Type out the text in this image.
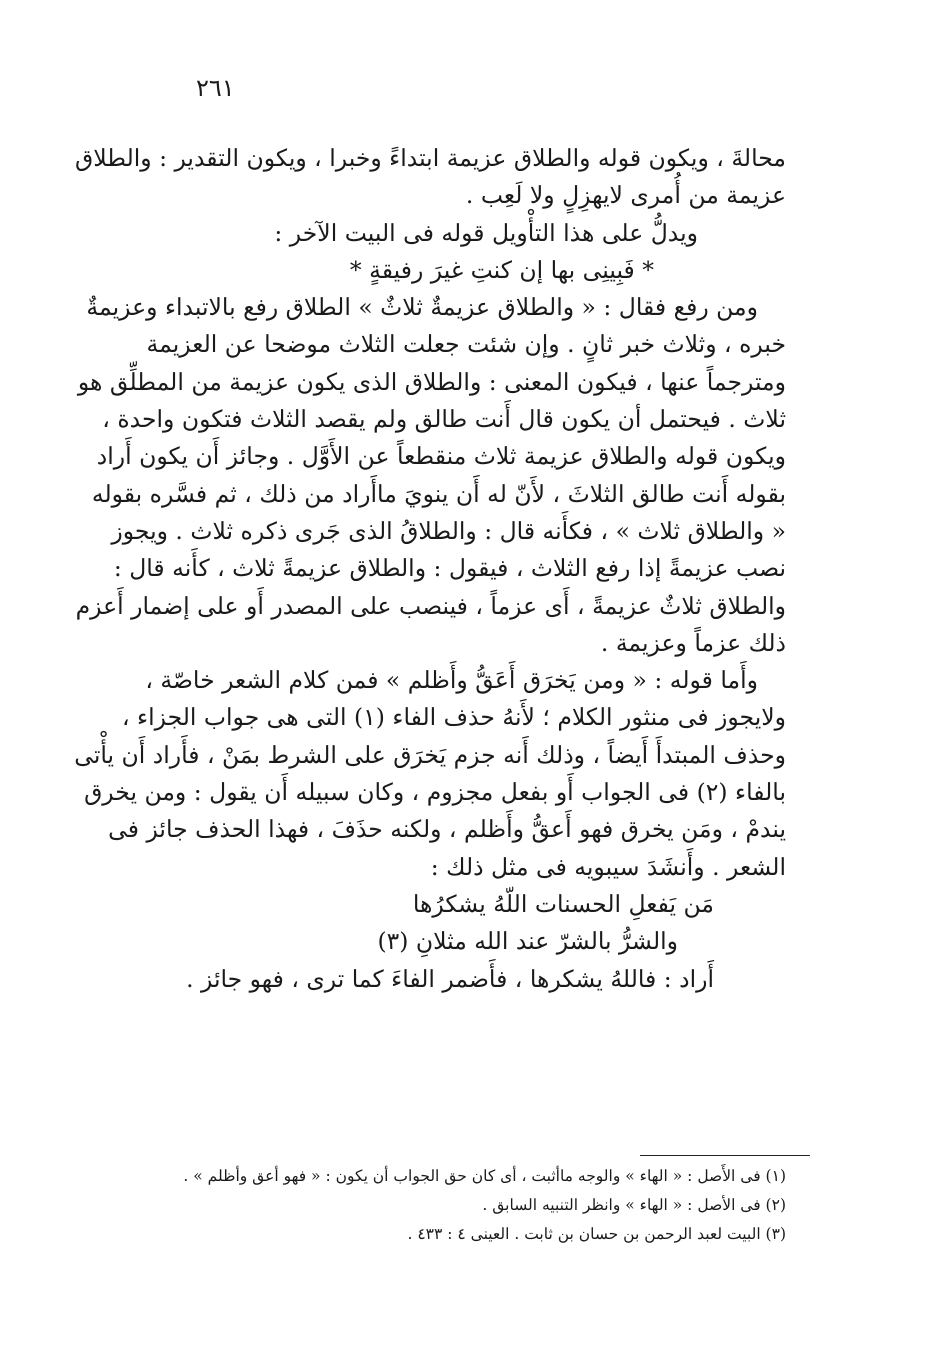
٢٦١
محالةَ ، ويكون قوله والطلاق عزيمة ابتداءً وخبرا ، ويكون التقدير : والطلاق
عزيمة من أُمرى لايهزِلٍ ولا لَعِب .
ويدلُّ على هذا التأْويل قوله فى البيت الآخر :
* فَبِينِى بها إن كنتِ غيرَ رفيقةٍ *
ومن رفع فقال : « والطلاق عزيمةٌ ثلاثٌ » الطلاق رفع بالاتبداء وعزيمةٌ
خبره ، وثلاث خبر ثانٍ . وإن شئت جعلت الثلاث موضحا عن العزيمة
ومترجماً عنها ، فيكون المعنى : والطلاق الذى يكون عزيمة من المطلِّق هو
ثلاث . فيحتمل أن يكون قال أَنت طالق ولم يقصد الثلاث فتكون واحدة ،
ويكون قوله والطلاق عزيمة ثلاث منقطعاً عن الأَوَّل . وجائز أَن يكون أَراد
بقوله أَنت طالق الثلاثَ ، لأَنّ له أَن ينويَ ماأَراد من ذلك ، ثم فسَّره بقوله
« والطلاق ثلاث » ، فكأَنه قال : والطلاقُ الذى جَرى ذكره ثلاث . ويجوز
نصب عزيمةً إذا رفع الثلاث ، فيقول : والطلاق عزيمةً ثلاث ، كأَنه قال :
والطلاق ثلاثٌ عزيمةً ، أَى عزماً ، فينصب على المصدر أَو على إضمار أَعزم
ذلك عزماً وعزيمة .
وأَما قوله : « ومن يَخرَق أَعَقُّ وأَظلم » فمن كلام الشعر خاصّة ،
ولايجوز فى منثور الكلام ؛ لأَنهُ حذف الفاء (١) التى هى جواب الجزاء ،
وحذف المبتدأَ أَيضاً ، وذلك أَنه جزم يَخرَق على الشرط بمَنْ ، فأَراد أَن يأْتى
بالفاء (٢) فى الجواب أَو بفعل مجزوم ، وكان سبيله أَن يقول : ومن يخرق
يندمْ ، ومَن يخرق فهو أَعقُّ وأَظلم ، ولكنه حذَفَ ، فهذا الحذف جائز فى
الشعر . وأَنشَدَ سيبويه فى مثل ذلك :
مَن يَفعلِ الحسنات اللّهُ يشكرُها
والشرُّ بالشرّ عند الله مثلانِ (٣)
أَراد : فاللهُ يشكرها ، فأَضمر الفاءَ كما ترى ، فهو جائز .
(١) فى الأَصل : « الهاء » والوجه ماأثبت ، أى كان حق الجواب أن يكون : « فهو أعق وأظلم » .
(٢) فى الأصل : « الهاء » وانظر التنبيه السابق .
(٣) البيت لعبد الرحمن بن حسان بن ثابت . العينى ٤ : ٤٣٣ .
